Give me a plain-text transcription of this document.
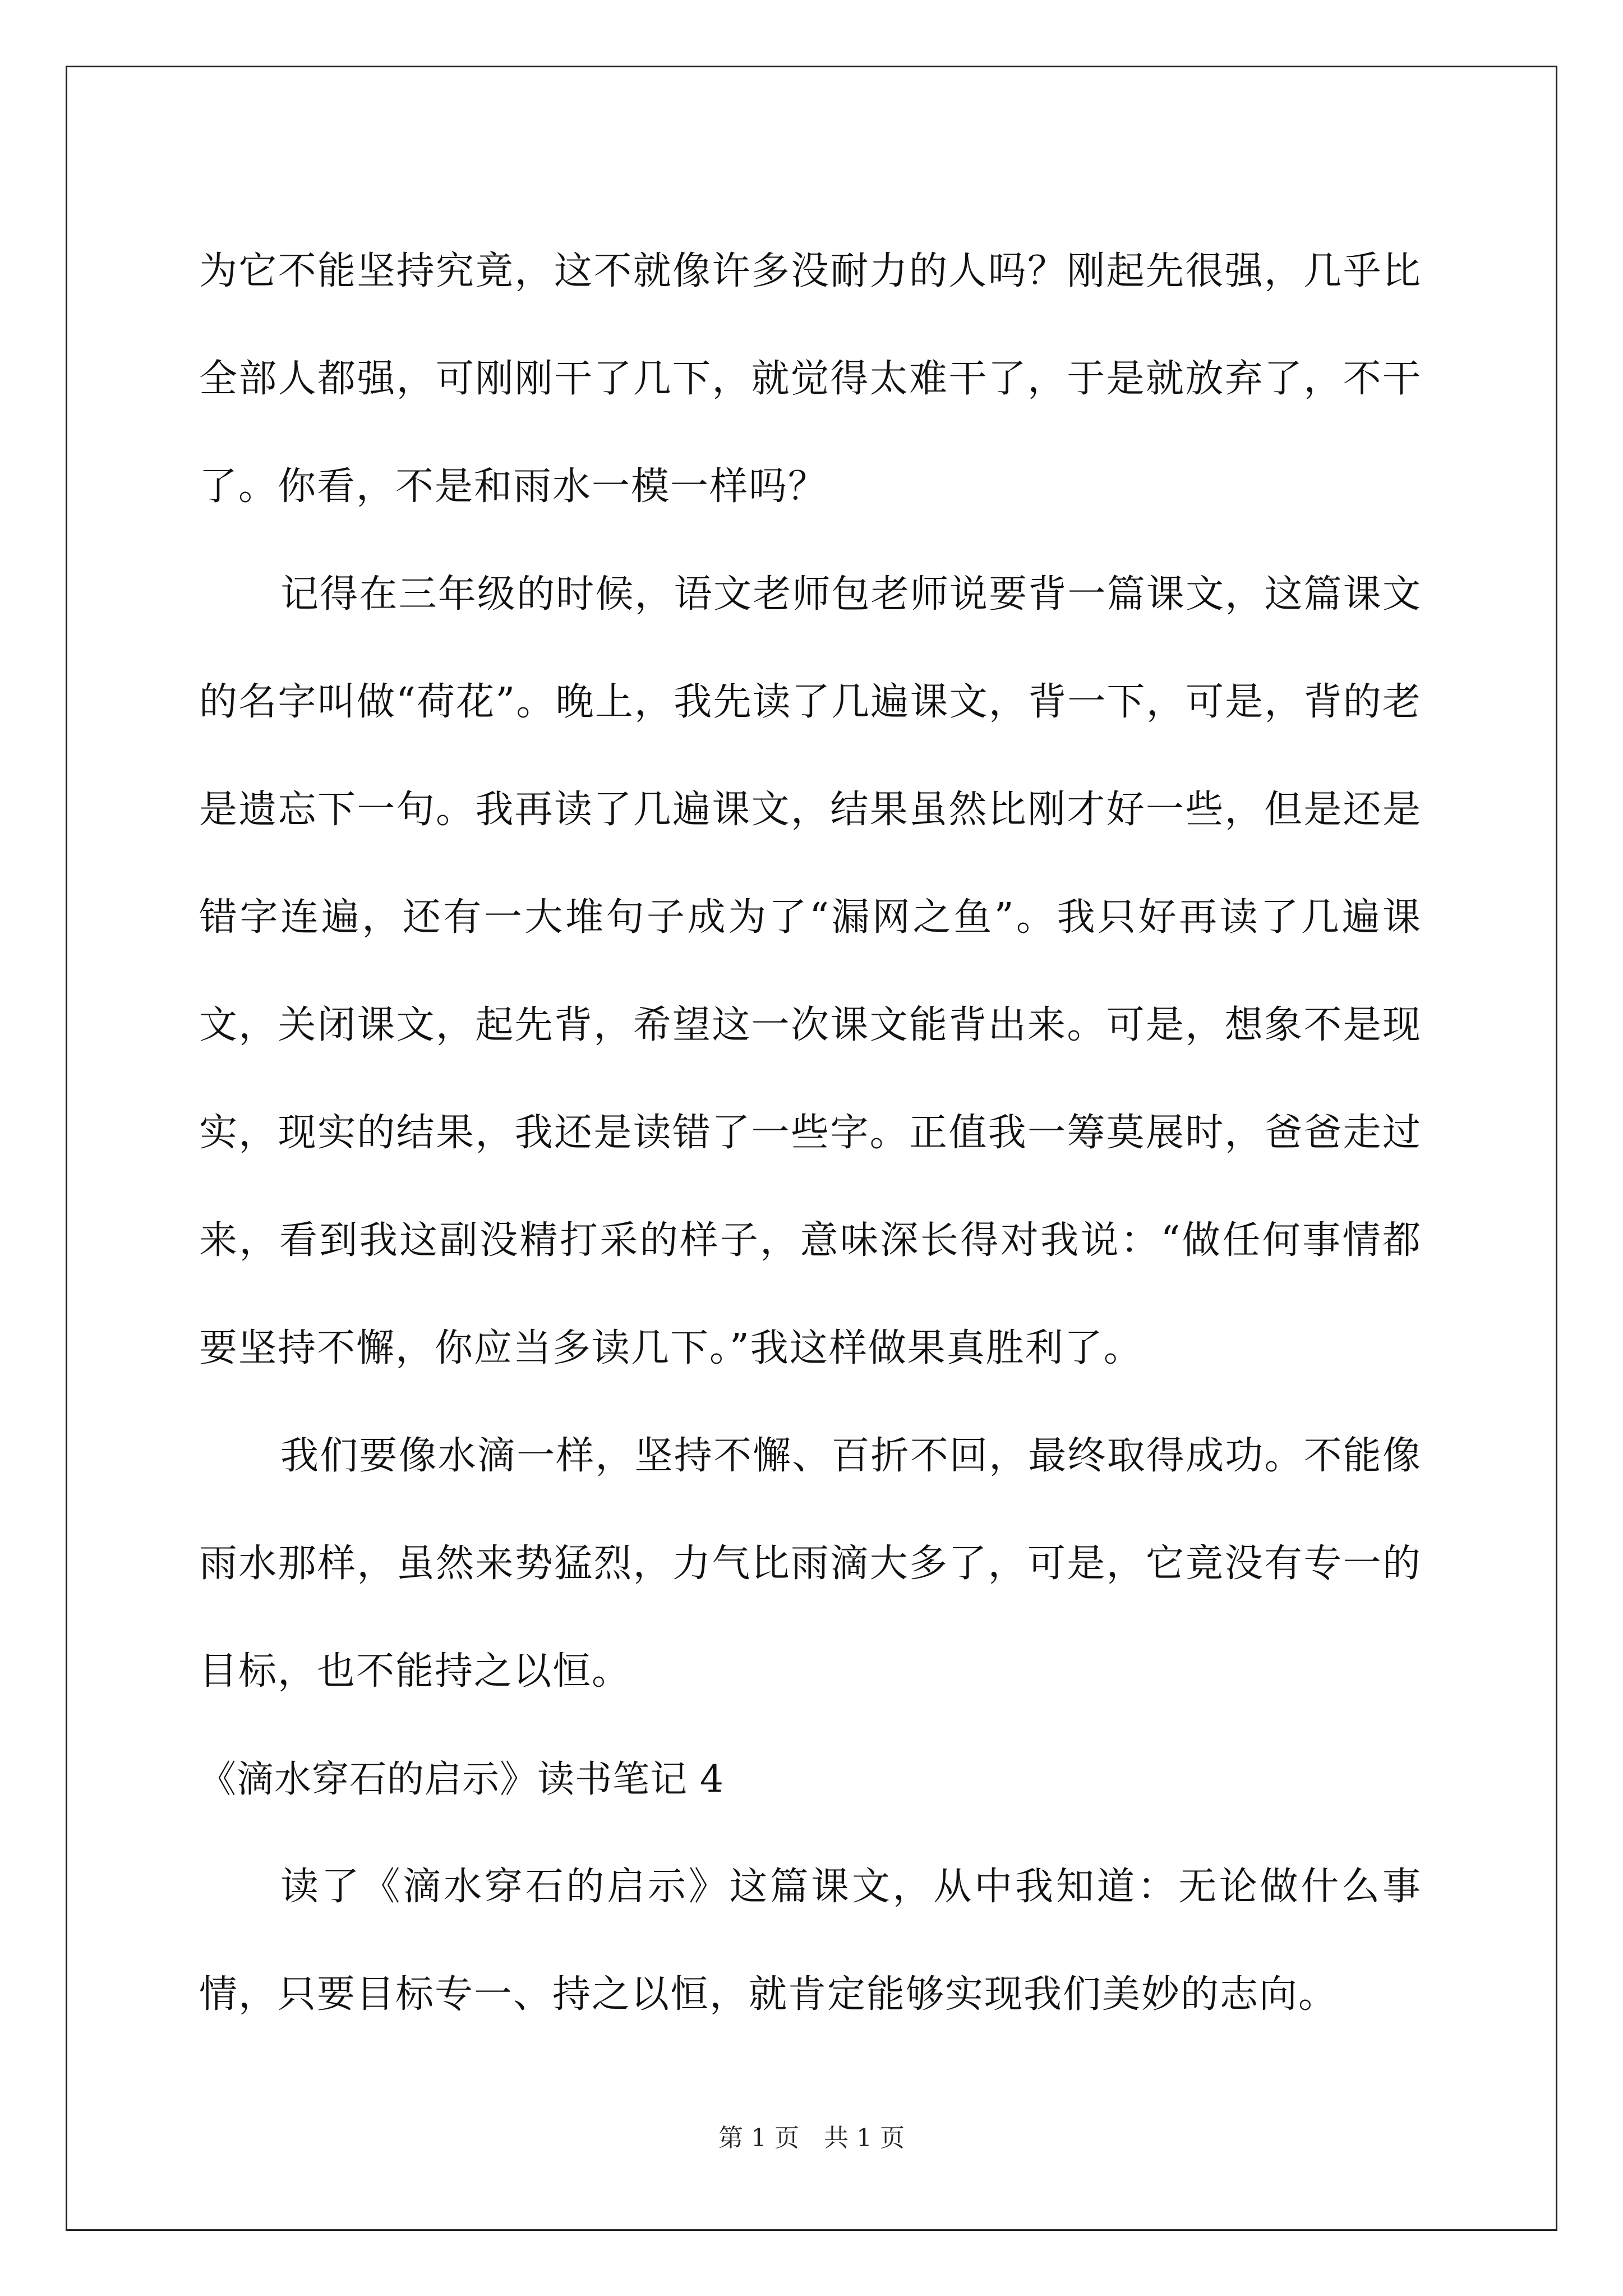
为它不能坚持究竟，这不就像许多没耐力的人吗？刚起先很强，几乎比全部人都强，可刚刚干了几下，就觉得太难干了，于是就放弃了，不干了。你看，不是和雨水一模一样吗？

记得在三年级的时候，语文老师包老师说要背一篇课文，这篇课文的名字叫做“荷花”。晚上，我先读了几遍课文，背一下，可是，背的老是遗忘下一句。我再读了几遍课文，结果虽然比刚才好一些，但是还是错字连遍，还有一大堆句子成为了“漏网之鱼”。我只好再读了几遍课文，关闭课文，起先背，希望这一次课文能背出来。可是，想象不是现实，现实的结果，我还是读错了一些字。正值我一筹莫展时，爸爸走过来，看到我这副没精打采的样子，意味深长得对我说：“做任何事情都要坚持不懈，你应当多读几下。”我这样做果真胜利了。

我们要像水滴一样，坚持不懈、百折不回，最终取得成功。不能像雨水那样，虽然来势猛烈，力气比雨滴大多了，可是，它竟没有专一的目标，也不能持之以恒。

《滴水穿石的启示》读书笔记 4

读了《滴水穿石的启示》这篇课文，从中我知道：无论做什么事情，只要目标专一、持之以恒，就肯定能够实现我们美妙的志向。

第 1 页　共 1 页
